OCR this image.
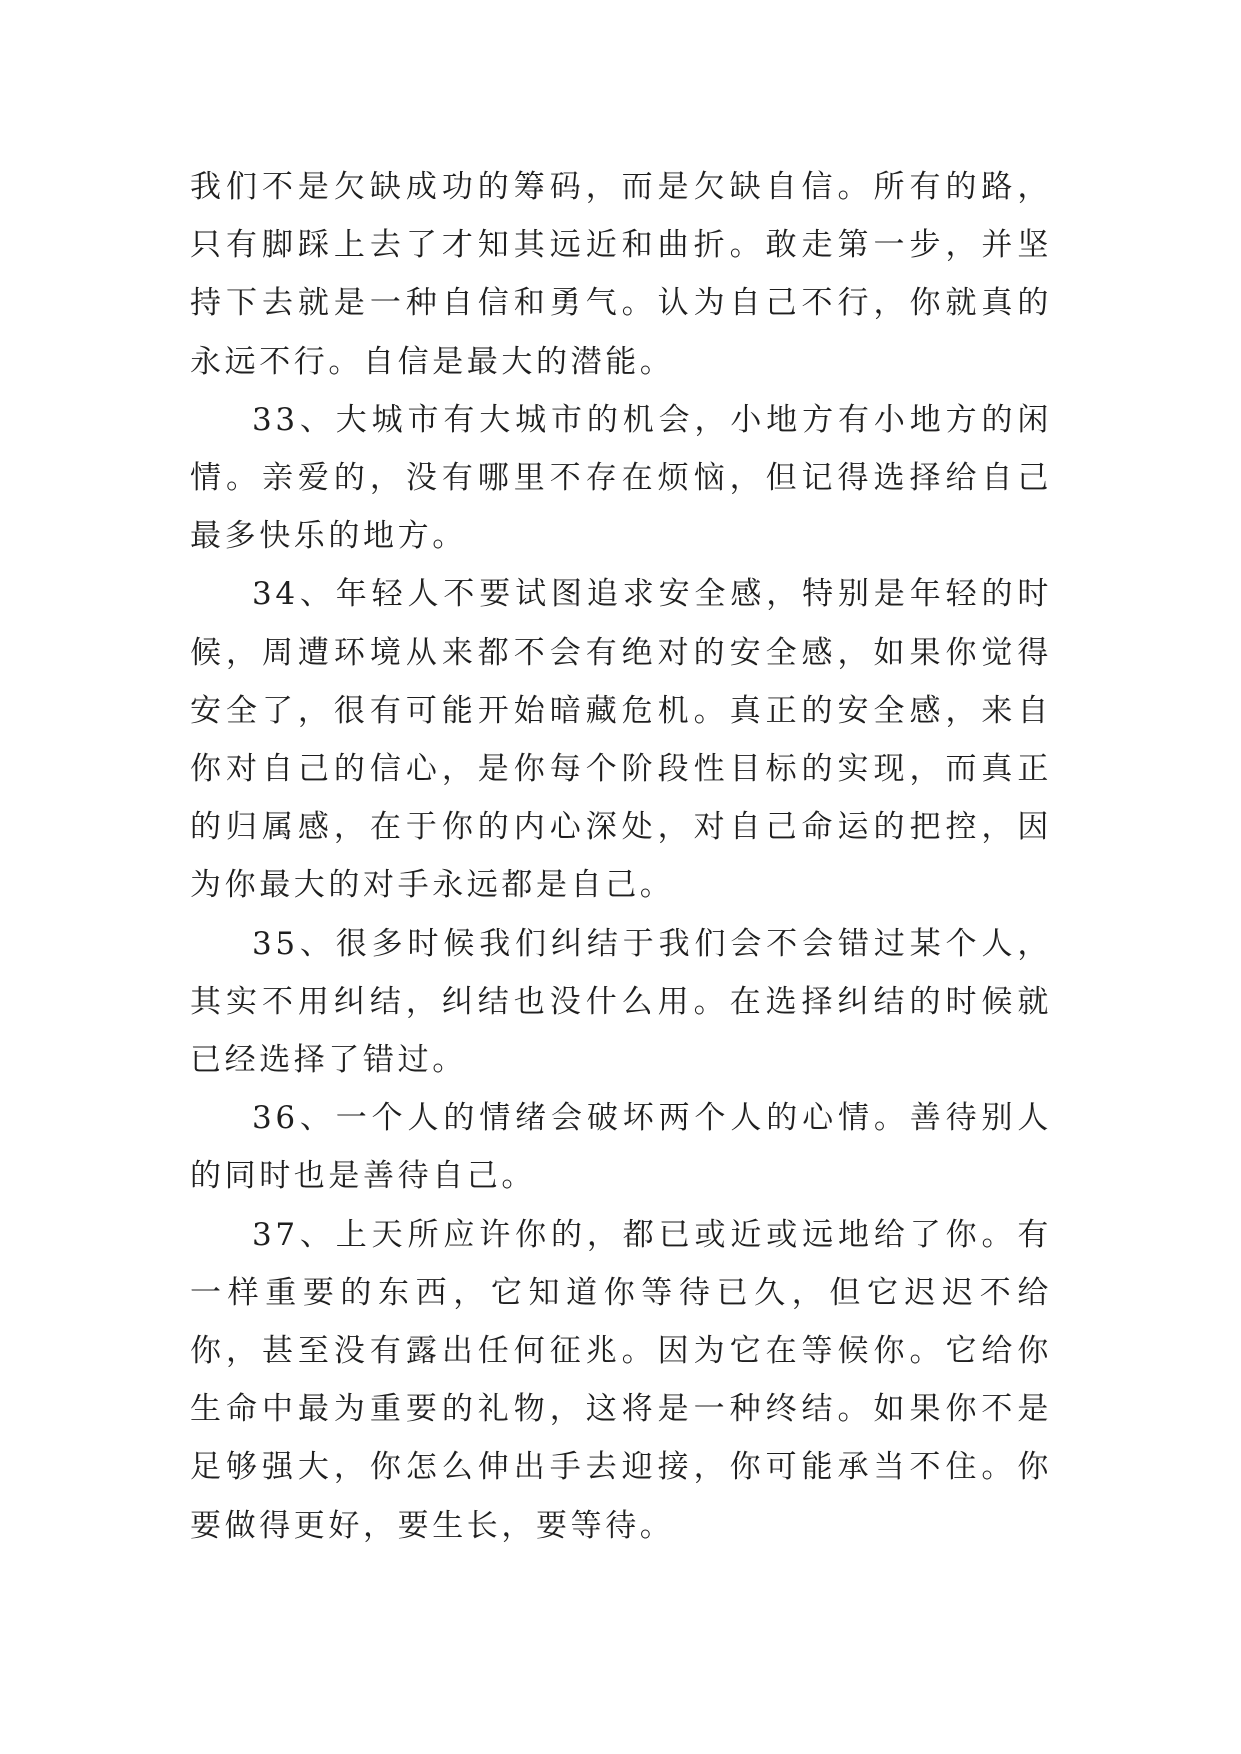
我们不是欠缺成功的筹码，而是欠缺自信。所有的路，只有脚踩上去了才知其远近和曲折。敢走第一步，并坚持下去就是一种自信和勇气。认为自己不行，你就真的永远不行。自信是最大的潜能。

33、大城市有大城市的机会，小地方有小地方的闲情。亲爱的，没有哪里不存在烦恼，但记得选择给自己最多快乐的地方。

34、年轻人不要试图追求安全感，特别是年轻的时候，周遭环境从来都不会有绝对的安全感，如果你觉得安全了，很有可能开始暗藏危机。真正的安全感，来自你对自己的信心，是你每个阶段性目标的实现，而真正的归属感，在于你的内心深处，对自己命运的把控，因为你最大的对手永远都是自己。

35、很多时候我们纠结于我们会不会错过某个人，其实不用纠结，纠结也没什么用。在选择纠结的时候就已经选择了错过。

36、一个人的情绪会破坏两个人的心情。善待别人的同时也是善待自己。

37、上天所应许你的，都已或近或远地给了你。有一样重要的东西，它知道你等待已久，但它迟迟不给你，甚至没有露出任何征兆。因为它在等候你。它给你生命中最为重要的礼物，这将是一种终结。如果你不是足够强大，你怎么伸出手去迎接，你可能承当不住。你要做得更好，要生长，要等待。
